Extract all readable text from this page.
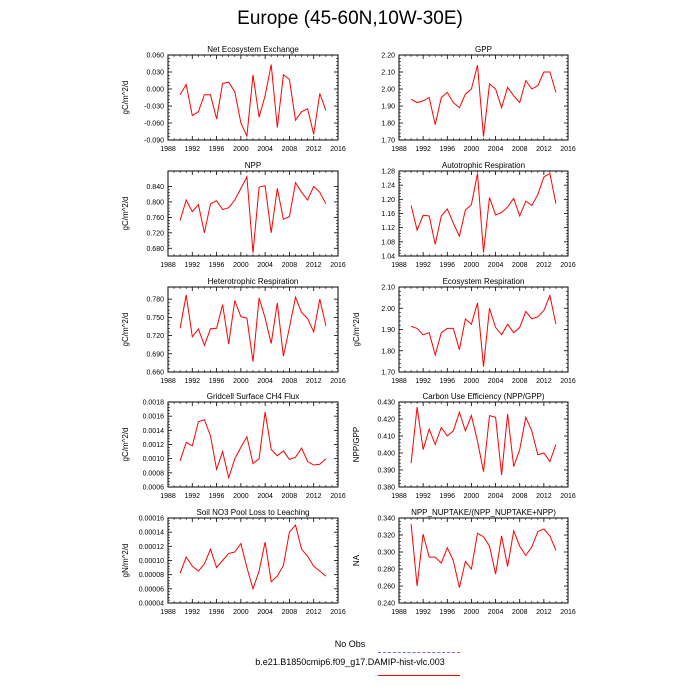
Europe (45-60N,10W-30E)
Net Ecosystem Exchange
1988 1992 1996 2000 2004 2008 2012 2016
-0.090
-0.060
-0.030
0.000
0.030
0.060
gC/m^2/d
GPP
1988 1992 1996 2000 2004 2008 2012 2016
1.70
1.80
1.90
2.00
2.10
2.20
NPP
1988 1992 1996 2000 2004 2008 2012 2016
0.680
0.720
0.760
0.800
0.840
gC/m^2/d
Autotrophic Respiration
1988 1992 1996 2000 2004 2008 2012 2016
1.04
1.08
1.12
1.16
1.20
1.24
1.28
Heterotrophic Respiration
1988 1992 1996 2000 2004 2008 2012 2016
0.660
0.690
0.720
0.750
0.780
gC/m^2/d
Ecosystem Respiration
1988 1992 1996 2000 2004 2008 2012 2016
1.70
1.80
1.90
2.00
2.10
gC/m^2/d
Gridcell Surface CH4 Flux
1988 1992 1996 2000 2004 2008 2012 2016
0.0006
0.0008
0.0010
0.0012
0.0014
0.0016
0.0018
gC/m^2/d
Carbon Use Efficiency (NPP/GPP)
1988 1992 1996 2000 2004 2008 2012 2016
0.380
0.390
0.400
0.410
0.420
0.430
NPP/GPP
Soil NO3 Pool Loss to Leaching
1988 1992 1996 2000 2004 2008 2012 2016
0.00004
0.00006
0.00008
0.00010
0.00012
0.00014
0.00016
gN/m^2/d
NPP_NUPTAKE/(NPP_NUPTAKE+NPP)
1988 1992 1996 2000 2004 2008 2012 2016
0.240
0.260
0.280
0.300
0.320
0.340
NA
No Obs
b.e21.B1850cmip6.f09_g17.DAMIP-hist-vlc.003
